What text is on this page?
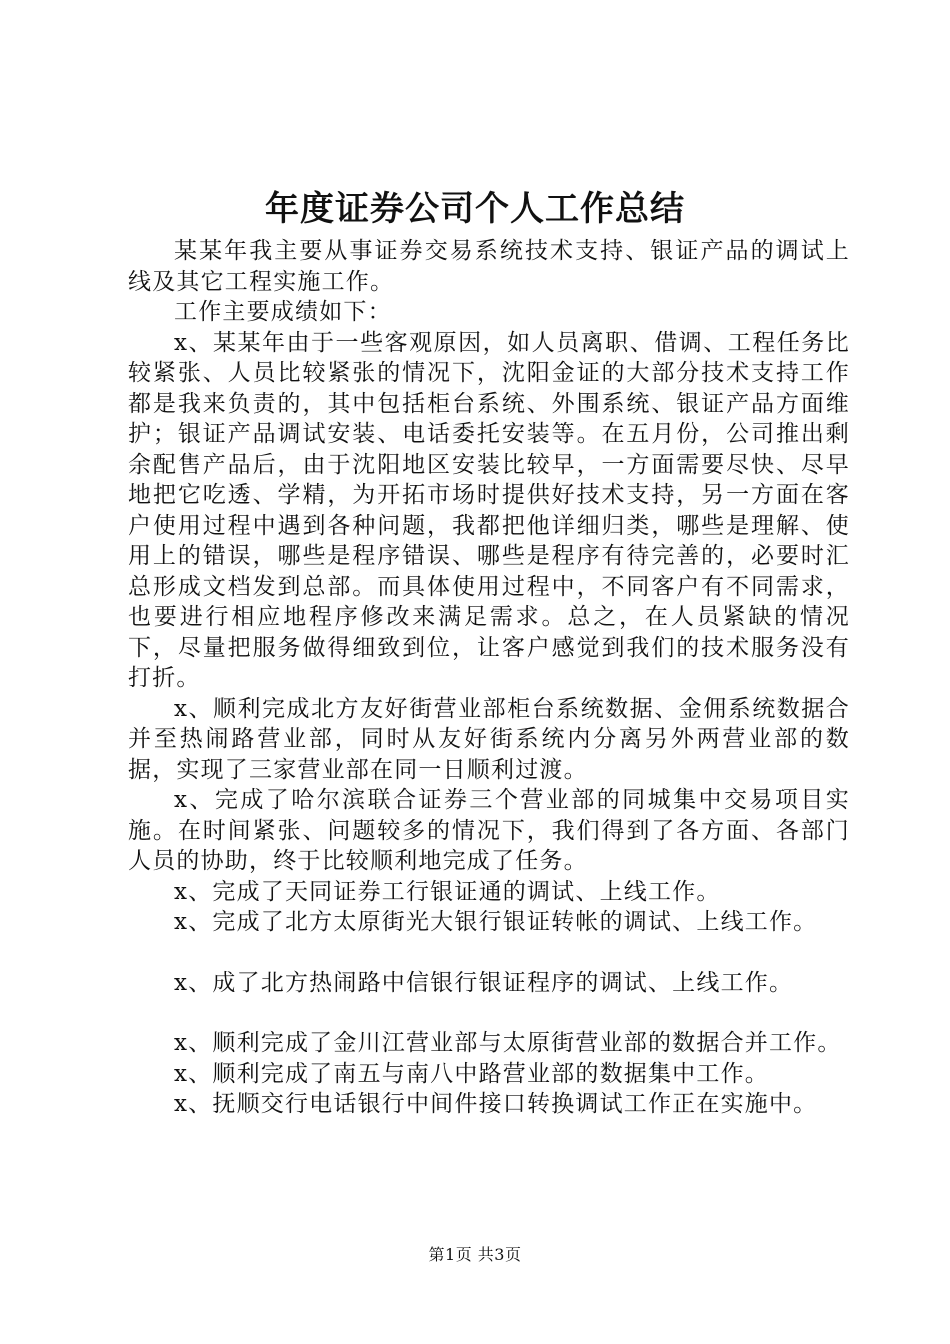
年度证券公司个人工作总结

某某年我主要从事证券交易系统技术支持、银证产品的调试上线及其它工程实施工作。

工作主要成绩如下：

x、某某年由于一些客观原因，如人员离职、借调、工程任务比较紧张、人员比较紧张的情况下，沈阳金证的大部分技术支持工作都是我来负责的，其中包括柜台系统、外围系统、银证产品方面维护；银证产品调试安装、电话委托安装等。在五月份，公司推出剩余配售产品后，由于沈阳地区安装比较早，一方面需要尽快、尽早地把它吃透、学精，为开拓市场时提供好技术支持，另一方面在客户使用过程中遇到各种问题，我都把他详细归类，哪些是理解、使用上的错误，哪些是程序错误、哪些是程序有待完善的，必要时汇总形成文档发到总部。而具体使用过程中，不同客户有不同需求，也要进行相应地程序修改来满足需求。总之，在人员紧缺的情况下，尽量把服务做得细致到位，让客户感觉到我们的技术服务没有打折。

x、顺利完成北方友好街营业部柜台系统数据、金佣系统数据合并至热闹路营业部，同时从友好街系统内分离另外两营业部的数据，实现了三家营业部在同一日顺利过渡。

x、完成了哈尔滨联合证券三个营业部的同城集中交易项目实施。在时间紧张、问题较多的情况下，我们得到了各方面、各部门人员的协助，终于比较顺利地完成了任务。

x、完成了天同证券工行银证通的调试、上线工作。

x、完成了北方太原街光大银行银证转帐的调试、上线工作。

x、成了北方热闹路中信银行银证程序的调试、上线工作。

x、顺利完成了金川江营业部与太原街营业部的数据合并工作。

x、顺利完成了南五与南八中路营业部的数据集中工作。

x、抚顺交行电话银行中间件接口转换调试工作正在实施中。

第1页 共3页
